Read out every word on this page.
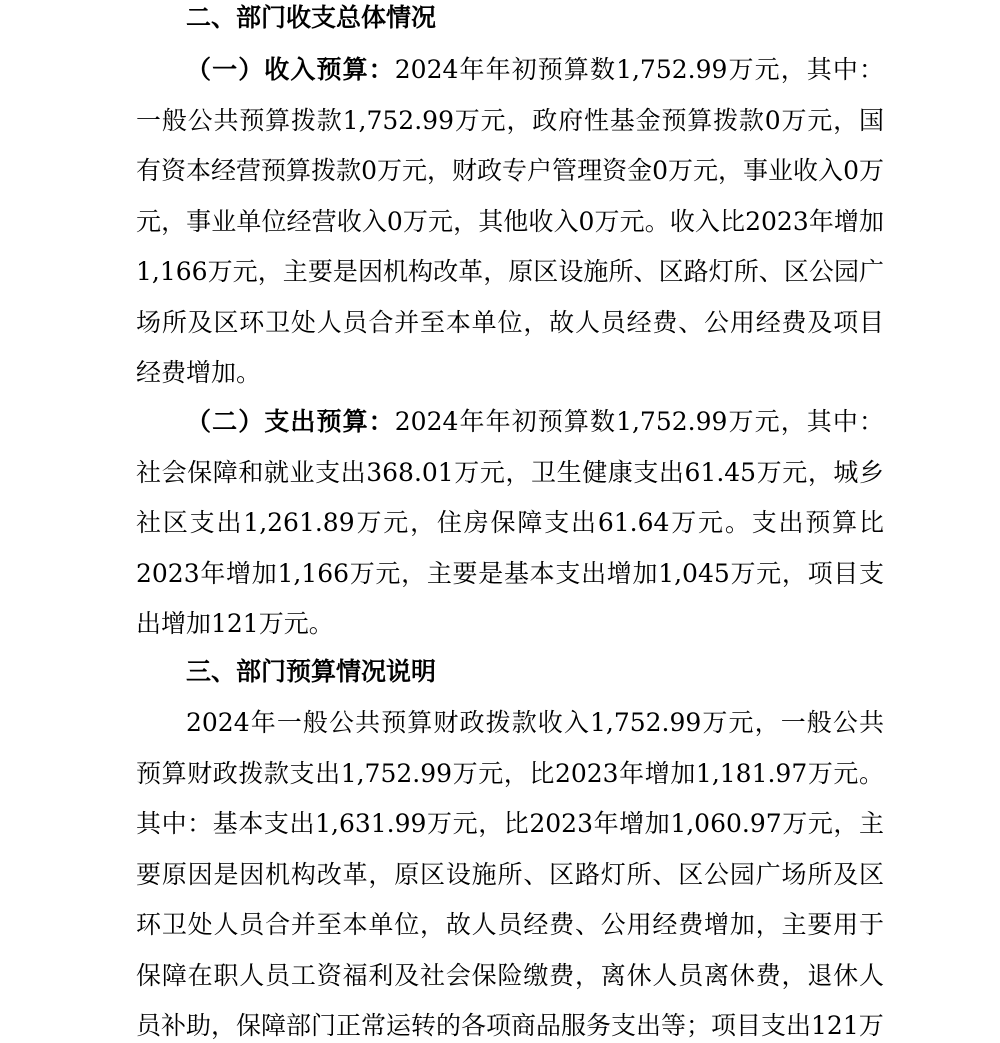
二、部门收支总体情况

（一）收入预算：2024年年初预算数1,752.99万元，其中：一般公共预算拨款1,752.99万元，政府性基金预算拨款0万元，国有资本经营预算拨款0万元，财政专户管理资金0万元，事业收入0万元，事业单位经营收入0万元，其他收入0万元。收入比2023年增加1,166万元，主要是因机构改革，原区设施所、区路灯所、区公园广场所及区环卫处人员合并至本单位，故人员经费、公用经费及项目经费增加。

（二）支出预算：2024年年初预算数1,752.99万元，其中：社会保障和就业支出368.01万元，卫生健康支出61.45万元，城乡社区支出1,261.89万元，住房保障支出61.64万元。支出预算比2023年增加1,166万元，主要是基本支出增加1,045万元，项目支出增加121万元。

三、部门预算情况说明

2024年一般公共预算财政拨款收入1,752.99万元，一般公共预算财政拨款支出1,752.99万元，比2023年增加1,181.97万元。其中：基本支出1,631.99万元，比2023年增加1,060.97万元，主要原因是因机构改革，原区设施所、区路灯所、区公园广场所及区环卫处人员合并至本单位，故人员经费、公用经费增加，主要用于保障在职人员工资福利及社会保险缴费，离休人员离休费，退休人员补助，保障部门正常运转的各项商品服务支出等；项目支出121万
